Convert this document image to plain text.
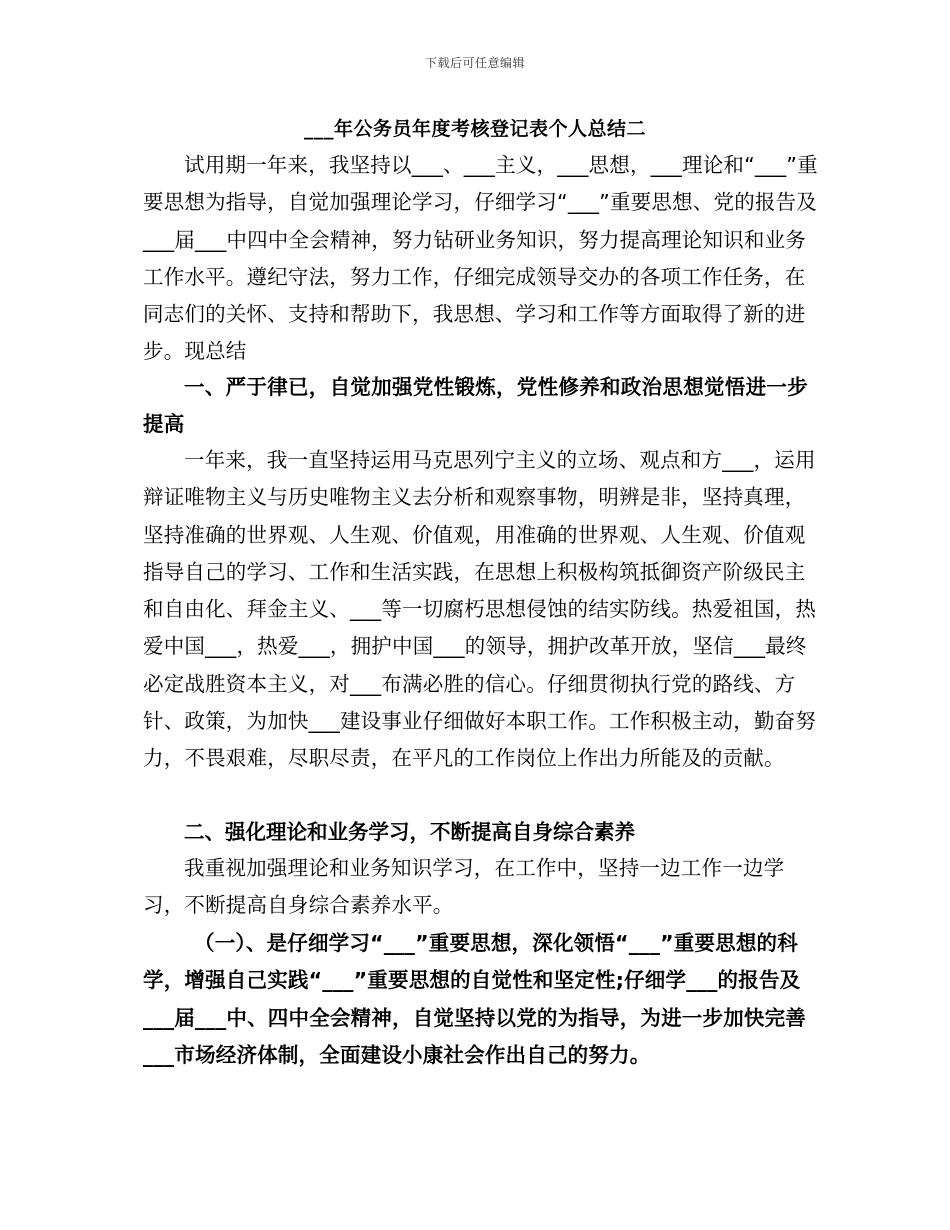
下载后可任意编辑
___年公务员年度考核登记表个人总结二
试用期一年来，我坚持以___、___主义，___思想，___理论和“___”重要思想为指导，自觉加强理论学习，仔细学习“___”重要思想、党的报告及___届___中四中全会精神，努力钻研业务知识，努力提高理论知识和业务工作水平。遵纪守法，努力工作，仔细完成领导交办的各项工作任务，在同志们的关怀、支持和帮助下，我思想、学习和工作等方面取得了新的进步。现总结
一、严于律已，自觉加强党性锻炼，党性修养和政治思想觉悟进一步提高
一年来，我一直坚持运用马克思列宁主义的立场、观点和方___，运用辩证唯物主义与历史唯物主义去分析和观察事物，明辨是非，坚持真理，坚持准确的世界观、人生观、价值观，用准确的世界观、人生观、价值观指导自己的学习、工作和生活实践，在思想上积极构筑抵御资产阶级民主和自由化、拜金主义、___等一切腐朽思想侵蚀的结实防线。热爱祖国，热爱中国___，热爱___，拥护中国___的领导，拥护改革开放，坚信___最终必定战胜资本主义，对___布满必胜的信心。仔细贯彻执行党的路线、方针、政策，为加快___建设事业仔细做好本职工作。工作积极主动，勤奋努力，不畏艰难，尽职尽责，在平凡的工作岗位上作出力所能及的贡献。
二、强化理论和业务学习，不断提高自身综合素养
我重视加强理论和业务知识学习，在工作中，坚持一边工作一边学习，不断提高自身综合素养水平。
（一）、是仔细学习“___”重要思想，深化领悟“___”重要思想的科学，增强自己实践“___”重要思想的自觉性和坚定性;仔细学___的报告及___届___中、四中全会精神，自觉坚持以党的为指导，为进一步加快完善___市场经济体制，全面建设小康社会作出自己的努力。
